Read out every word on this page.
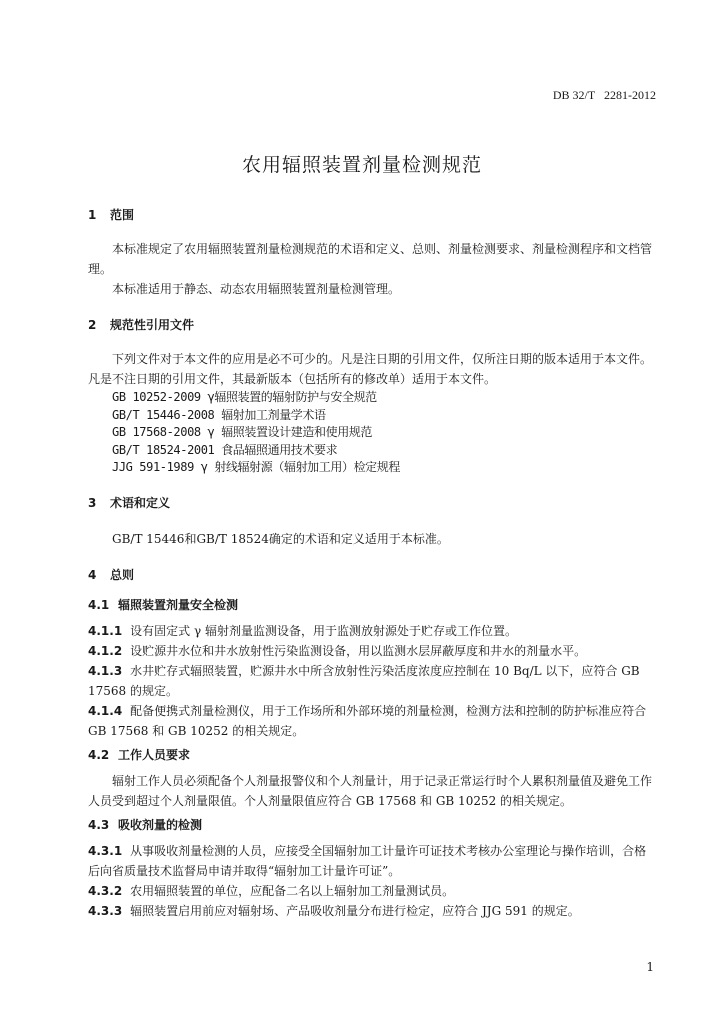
DB 32/T   2281-2012
农用辐照装置剂量检测规范
1 范围

本标准规定了农用辐照装置剂量检测规范的术语和定义、总则、剂量检测要求、剂量检测程序和文档管理。

本标准适用于静态、动态农用辐照装置剂量检测管理。

2 规范性引用文件

下列文件对于本文件的应用是必不可少的。凡是注日期的引用文件，仅所注日期的版本适用于本文件。凡是不注日期的引用文件，其最新版本（包括所有的修改单）适用于本文件。

GB 10252-2009 γ辐照装置的辐射防护与安全规范

GB/T 15446-2008 辐射加工剂量学术语

GB 17568-2008 γ 辐照装置设计建造和使用规范

GB/T 18524-2001 食品辐照通用技术要求

JJG 591-1989 γ 射线辐射源（辐射加工用）检定规程

3 术语和定义

GB/T 15446和GB/T 18524确定的术语和定义适用于本标准。

4 总则
4.1 辐照装置剂量安全检测

4.1.1 设有固定式 γ 辐射剂量监测设备，用于监测放射源处于贮存或工作位置。

4.1.2 设贮源井水位和井水放射性污染监测设备，用以监测水层屏蔽厚度和井水的剂量水平。

4.1.3 水井贮存式辐照装置，贮源井水中所含放射性污染活度浓度应控制在 10 Bq/L 以下，应符合 GB 17568 的规定。

4.1.4 配备便携式剂量检测仪，用于工作场所和外部环境的剂量检测，检测方法和控制的防护标准应符合 GB 17568 和 GB 10252 的相关规定。

4.2 工作人员要求

辐射工作人员必须配备个人剂量报警仪和个人剂量计，用于记录正常运行时个人累积剂量值及避免工作人员受到超过个人剂量限值。个人剂量限值应符合 GB 17568 和 GB 10252 的相关规定。

4.3 吸收剂量的检测

4.3.1 从事吸收剂量检测的人员，应接受全国辐射加工计量许可证技术考核办公室理论与操作培训，合格后向省质量技术监督局申请并取得“辐射加工计量许可证”。

4.3.2 农用辐照装置的单位，应配备二名以上辐射加工剂量测试员。

4.3.3 辐照装置启用前应对辐射场、产品吸收剂量分布进行检定，应符合 JJG 591 的规定。

1
